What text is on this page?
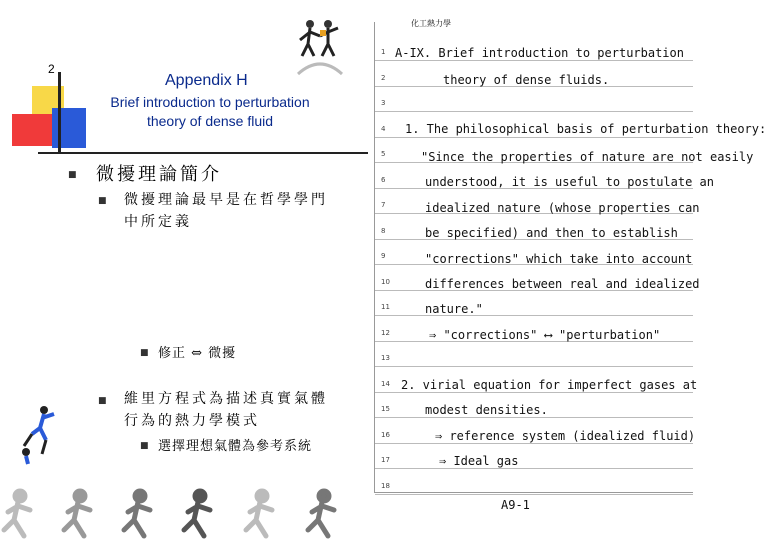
2
Appendix H
Brief introduction to perturbation theory of dense fluid
■ 微擾理論簡介
■ 微擾理論最早是在哲學學門中所定義
■ 修正 ⇔ 微擾
■ 維里方程式為描述真實氣體行為的熱力學模式
■ 選擇理想氣體為參考系統
化工熱力學
1
2
3
4
5
6
7
8
9
10
11
12
13
14
15
16
17
18
A-IX. Brief introduction to perturbation
theory of dense fluids.
1. The philosophical basis of perturbation theory:
"Since the properties of nature are not easily
understood, it is useful to postulate an
idealized nature (whose properties can
be specified) and then to establish
"corrections" which take into account
differences between real and idealized
nature."
⇒ "corrections" ⟷ "perturbation"
2. virial equation for imperfect gases at
modest densities.
⇒ reference system (idealized fluid)
⇒ Ideal gas
A9-1
